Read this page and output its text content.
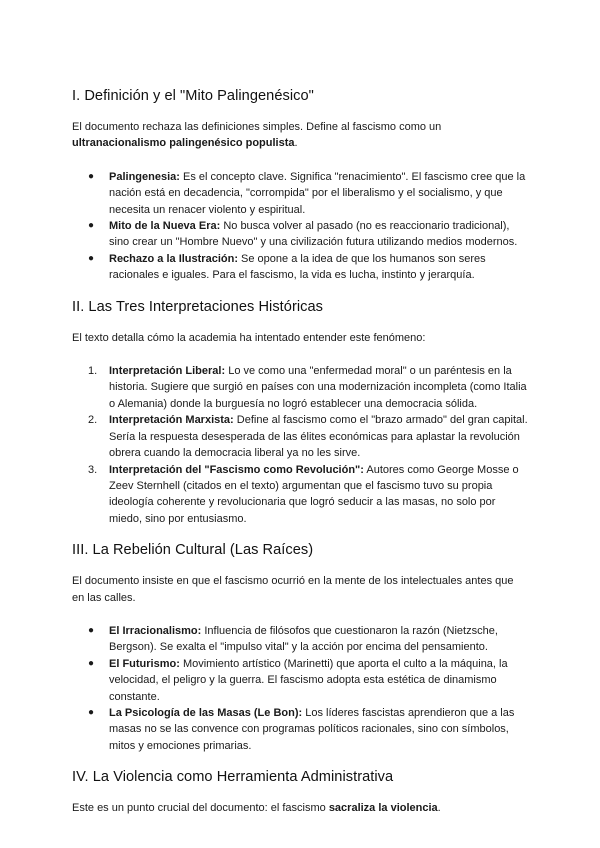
I. Definición y el "Mito Palingenésico"

El documento rechaza las definiciones simples. Define al fascismo como un ultranacionalismo palingenésico populista.

● Palingenesia: Es el concepto clave. Significa "renacimiento". El fascismo cree que la nación está en decadencia, "corrompida" por el liberalismo y el socialismo, y que necesita un renacer violento y espiritual.
● Mito de la Nueva Era: No busca volver al pasado (no es reaccionario tradicional), sino crear un "Hombre Nuevo" y una civilización futura utilizando medios modernos.
● Rechazo a la Ilustración: Se opone a la idea de que los humanos son seres racionales e iguales. Para el fascismo, la vida es lucha, instinto y jerarquía.
II. Las Tres Interpretaciones Históricas

El texto detalla cómo la academia ha intentado entender este fenómeno:

1. Interpretación Liberal: Lo ve como una "enfermedad moral" o un paréntesis en la historia. Sugiere que surgió en países con una modernización incompleta (como Italia o Alemania) donde la burguesía no logró establecer una democracia sólida.
2. Interpretación Marxista: Define al fascismo como el "brazo armado" del gran capital. Sería la respuesta desesperada de las élites económicas para aplastar la revolución obrera cuando la democracia liberal ya no les sirve.
3. Interpretación del "Fascismo como Revolución": Autores como George Mosse o Zeev Sternhell (citados en el texto) argumentan que el fascismo tuvo su propia ideología coherente y revolucionaria que logró seducir a las masas, no solo por miedo, sino por entusiasmo.
III. La Rebelión Cultural (Las Raíces)

El documento insiste en que el fascismo ocurrió en la mente de los intelectuales antes que en las calles.

● El Irracionalismo: Influencia de filósofos que cuestionaron la razón (Nietzsche, Bergson). Se exalta el "impulso vital" y la acción por encima del pensamiento.
● El Futurismo: Movimiento artístico (Marinetti) que aporta el culto a la máquina, la velocidad, el peligro y la guerra. El fascismo adopta esta estética de dinamismo constante.
● La Psicología de las Masas (Le Bon): Los líderes fascistas aprendieron que a las masas no se las convence con programas políticos racionales, sino con símbolos, mitos y emociones primarias.
IV. La Violencia como Herramienta Administrativa

Este es un punto crucial del documento: el fascismo sacraliza la violencia.
